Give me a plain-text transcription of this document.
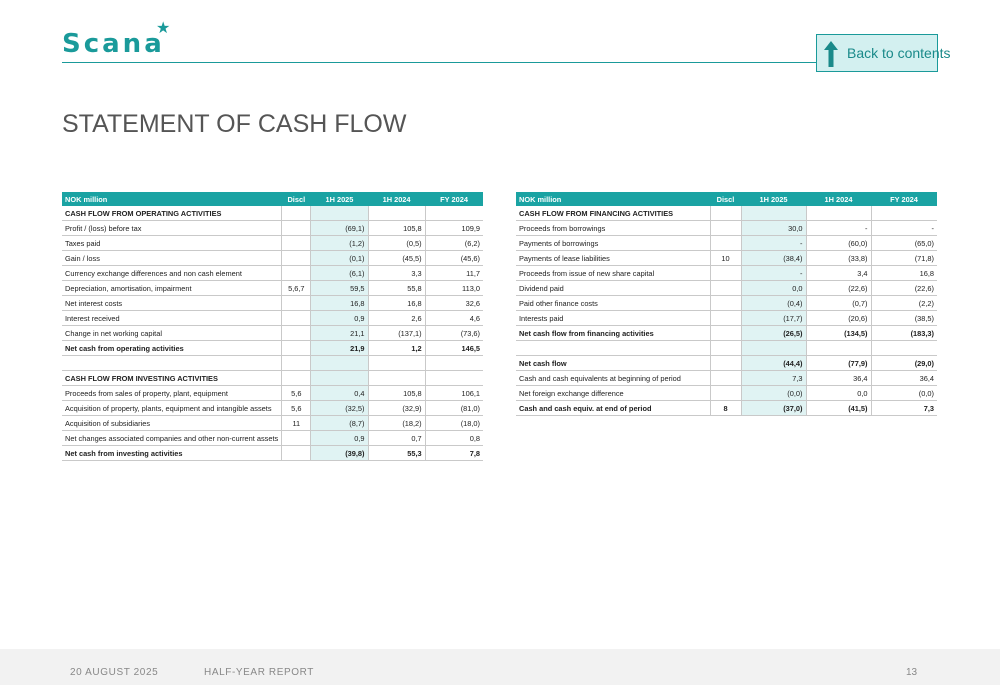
Scana
★
Back to contents
STATEMENT OF CASH FLOW
NOK million	Discl	1H 2025	1H 2024	FY 2024
CASH FLOW FROM OPERATING ACTIVITIES				
Profit / (loss) before tax		(69,1)	105,8	109,9
Taxes paid		(1,2)	(0,5)	(6,2)
Gain / loss		(0,1)	(45,5)	(45,6)
Currency exchange differences and non cash element		(6,1)	3,3	11,7
Depreciation, amortisation, impairment	5,6,7	59,5	55,8	113,0
Net interest costs		16,8	16,8	32,6
Interest received		0,9	2,6	4,6
Change in net working capital		21,1	(137,1)	(73,6)
Net cash from operating activities		21,9	1,2	146,5

CASH FLOW FROM INVESTING ACTIVITIES				
Proceeds from sales of property, plant, equipment	5,6	0,4	105,8	106,1
Acquisition of property, plants, equipment and intangible assets	5,6	(32,5)	(32,9)	(81,0)
Acquisition of subsidiaries	11	(8,7)	(18,2)	(18,0)
Net changes associated companies and other non-current assets		0,9	0,7	0,8
Net cash from investing activities		(39,8)	55,3	7,8
NOK million	Discl	1H 2025	1H 2024	FY 2024
CASH FLOW FROM FINANCING ACTIVITIES				
Proceeds from borrowings		30,0	-	-
Payments of borrowings		-	(60,0)	(65,0)
Payments of lease liabilities	10	(38,4)	(33,8)	(71,8)
Proceeds from issue of new share capital		-	3,4	16,8
Dividend paid		0,0	(22,6)	(22,6)
Paid other finance costs		(0,4)	(0,7)	(2,2)
Interests paid		(17,7)	(20,6)	(38,5)
Net cash flow from financing activities		(26,5)	(134,5)	(183,3)

Net cash flow		(44,4)	(77,9)	(29,0)
Cash and cash equivalents at beginning of period		7,3	36,4	36,4
Net foreign exchange difference		(0,0)	0,0	(0,0)
Cash and cash equiv. at end of period	8	(37,0)	(41,5)	7,3
20 AUGUST 2025	HALF-YEAR REPORT	13
